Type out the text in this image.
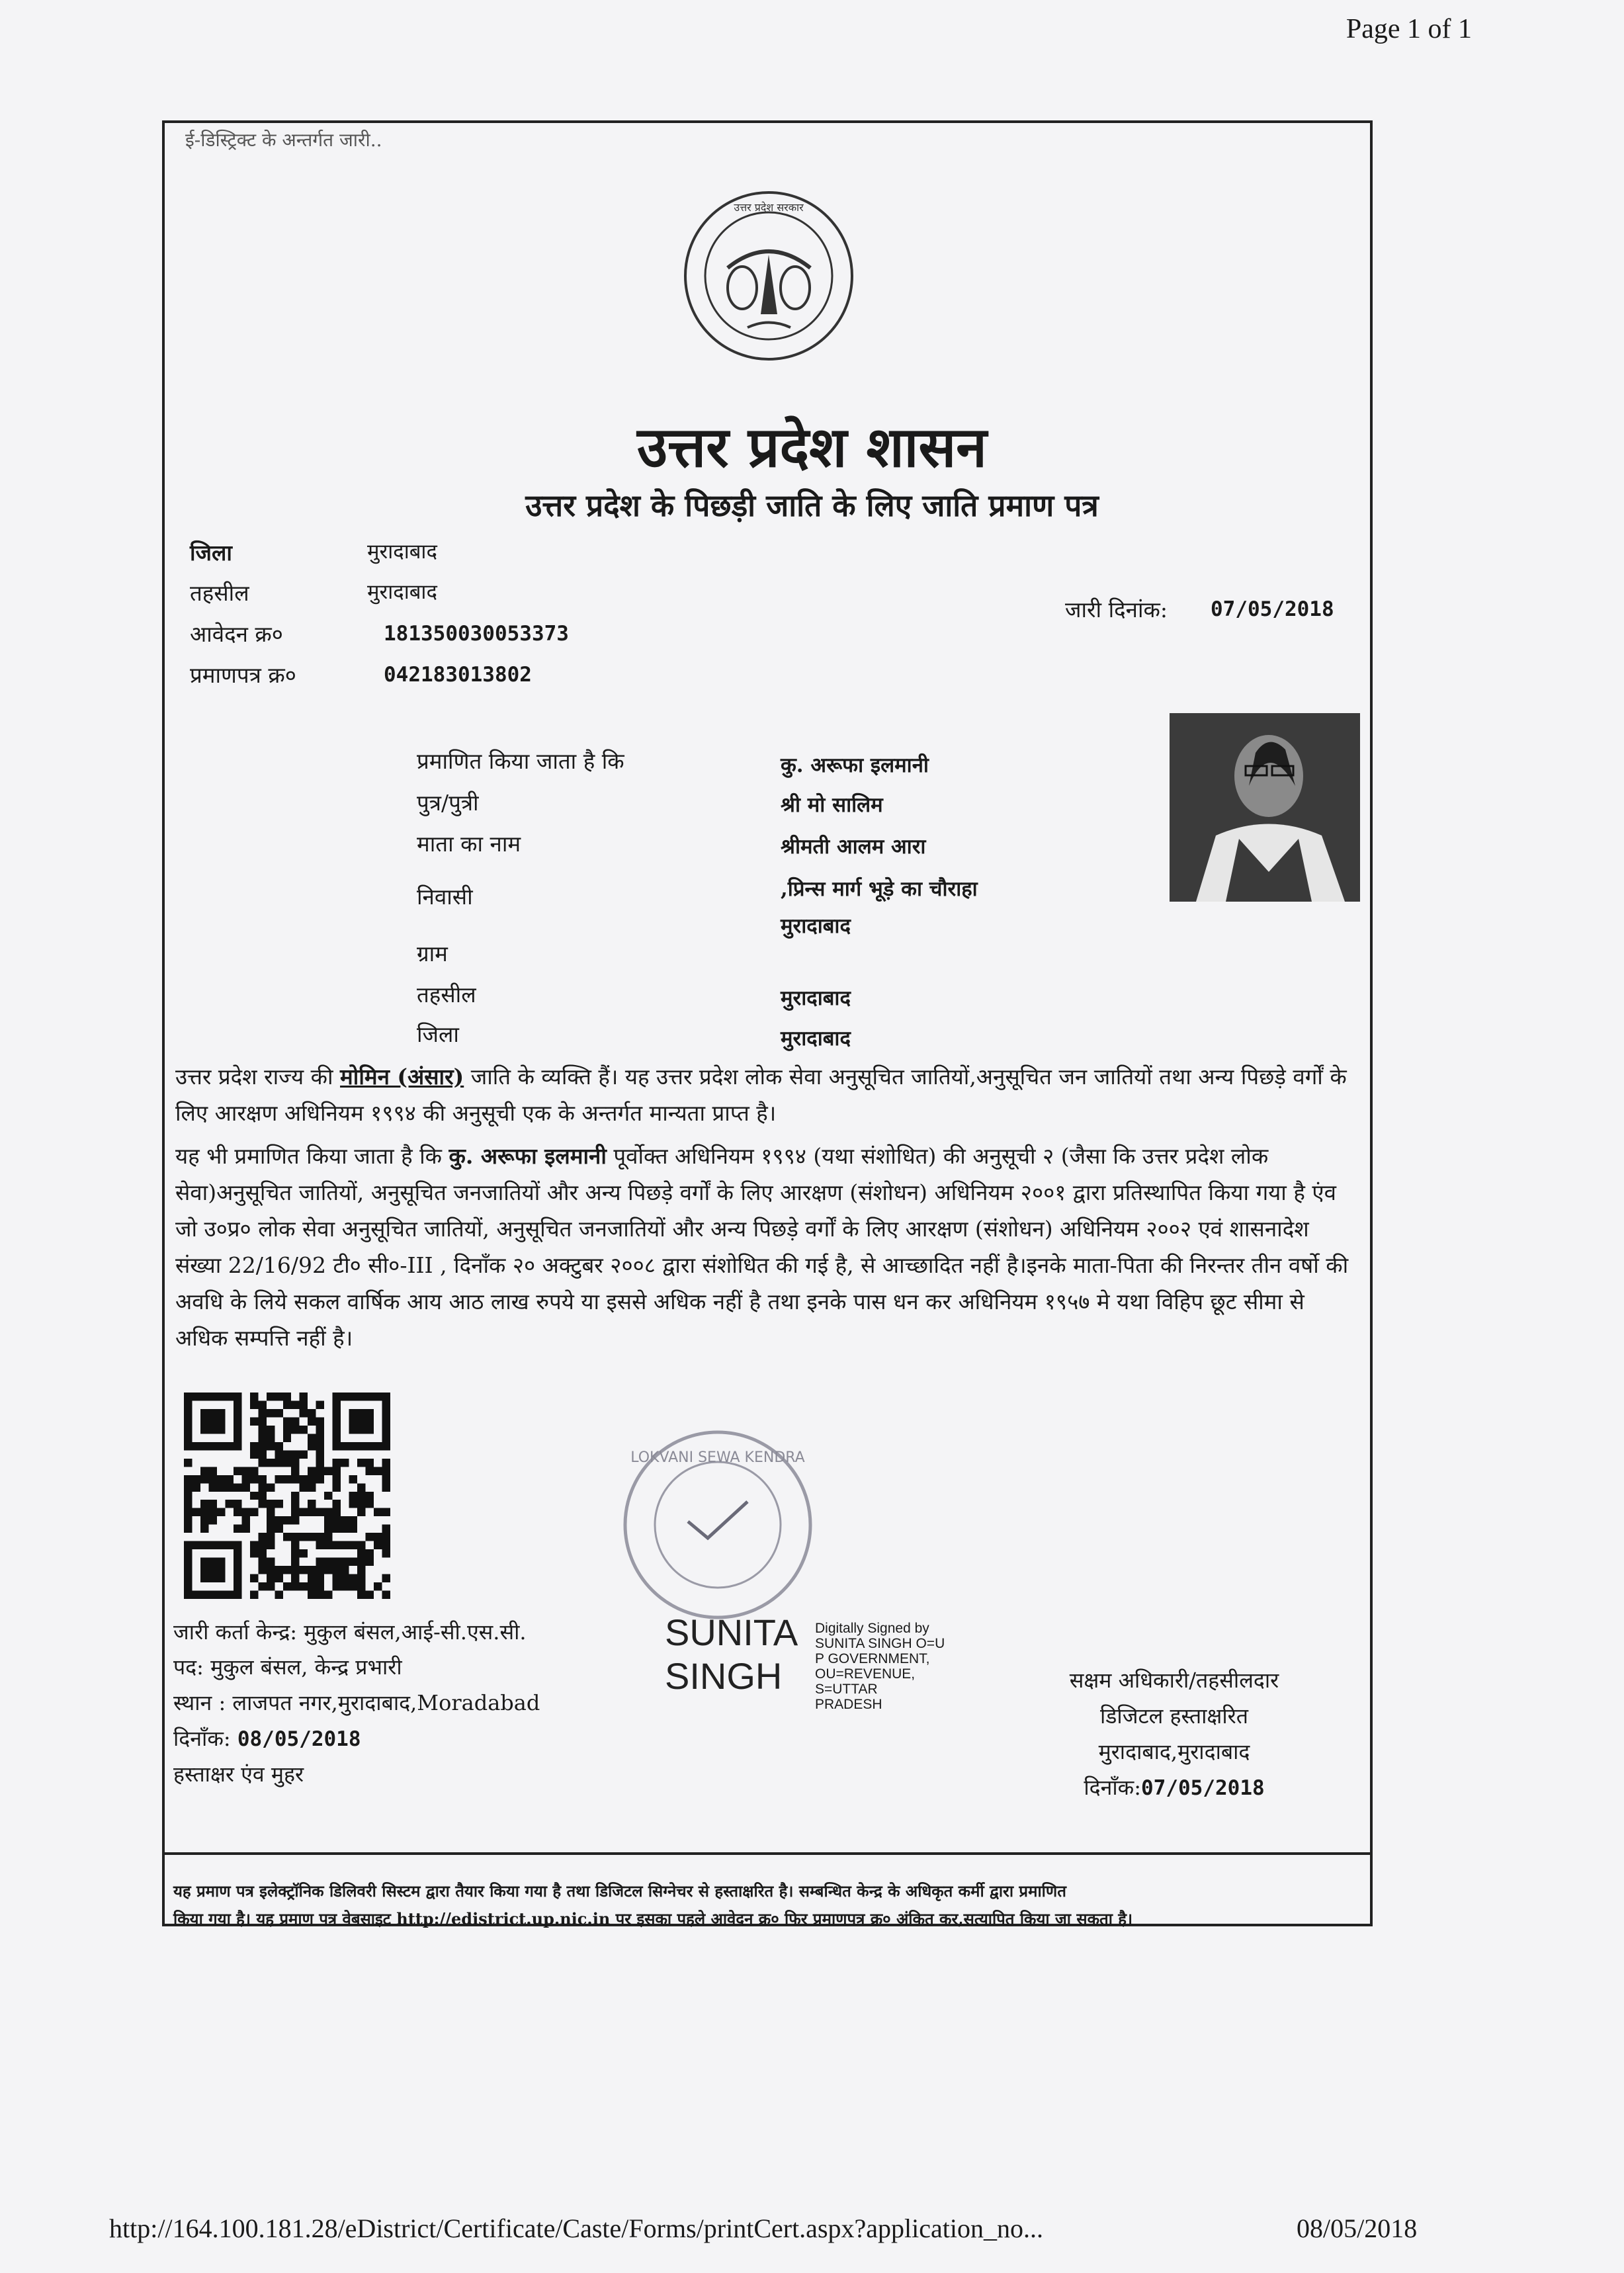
Page 1 of 1
ई-डिस्ट्रिक्ट के अन्तर्गत जारी..
उत्तर प्रदेश सरकार
उत्तर प्रदेश शासन
उत्तर प्रदेश के पिछड़ी जाति के लिए जाति प्रमाण पत्र
जिला	मुरादाबाद
तहसील	मुरादाबाद
आवेदन क्र०	181350030053373
प्रमाणपत्र क्र०	042183013802
जारी दिनांक: 07/05/2018
प्रमाणित किया जाता है कि	कु. अरूफा इलमानी
पुत्र/पुत्री	श्री मो सालिम
माता का नाम	श्रीमती आलम आरा
निवासी	,प्रिन्स मार्ग भूड़े का चौराहा
मुरादाबाद
ग्राम
तहसील	मुरादाबाद
जिला	मुरादाबाद
उत्तर प्रदेश राज्य की मोमिन (अंसार) जाति के व्यक्ति हैं। यह उत्तर प्रदेश लोक सेवा अनुसूचित जातियों,अनुसूचित जन जातियों तथा अन्य पिछड़े वर्गों के लिए आरक्षण अधिनियम १९९४ की अनुसूची एक के अन्तर्गत मान्यता प्राप्त है।
यह भी प्रमाणित किया जाता है कि कु. अरूफा इलमानी पूर्वोक्त अधिनियम १९९४ (यथा संशोधित) की अनुसूची २ (जैसा कि उत्तर प्रदेश लोक सेवा)अनुसूचित जातियों, अनुसूचित जनजातियों और अन्य पिछड़े वर्गों के लिए आरक्षण (संशोधन) अधिनियम २००१ द्वारा प्रतिस्थापित किया गया है एंव जो उ०प्र० लोक सेवा अनुसूचित जातियों, अनुसूचित जनजातियों और अन्य पिछड़े वर्गों के लिए आरक्षण (संशोधन) अधिनियम २००२ एवं शासनादेश संख्या 22/16/92 टी० सी०-III , दिनाँक २० अक्टुबर २००८ द्वारा संशोधित की गई है, से आच्छादित नहीं है।इनके माता-पिता की निरन्तर तीन वर्षो की अवधि के लिये सकल वार्षिक आय आठ लाख रुपये या इससे अधिक नहीं है तथा इनके पास धन कर अधिनियम १९५७ मे यथा विहिप छूट सीमा से अधिक सम्पत्ति नहीं है।
LOKVANI SEWA KENDRA
जारी कर्ता केन्द्र: मुकुल बंसल,आई-सी.एस.सी.
पद: मुकुल बंसल, केन्द्र प्रभारी
स्थान : लाजपत नगर,मुरादाबाद,Moradabad
दिनाँक: 08/05/2018
हस्ताक्षर एंव मुहर
SUNITA
SINGH
Digitally Signed by
SUNITA SINGH O=U
P GOVERNMENT,
OU=REVENUE,
S=UTTAR
PRADESH
सक्षम अधिकारी/तहसीलदार
डिजिटल हस्ताक्षरित
मुरादाबाद,मुरादाबाद
दिनाँक:07/05/2018
यह प्रमाण पत्र इलेक्ट्रॉनिक डिलिवरी सिस्टम द्वारा तैयार किया गया है तथा डिजिटल सिग्नेचर से हस्ताक्षरित है। सम्बन्धित केन्द्र के अधिकृत कर्मी द्वारा प्रमाणित
किया गया है। यह प्रमाण पत्र वेबसाइट http://edistrict.up.nic.in पर इसका पहले आवेदन क्र० फिर प्रमाणपत्र क्र० अंकित कर,सत्यापित किया जा सकता है।
http://164.100.181.28/eDistrict/Certificate/Caste/Forms/printCert.aspx?application_no...	08/05/2018
